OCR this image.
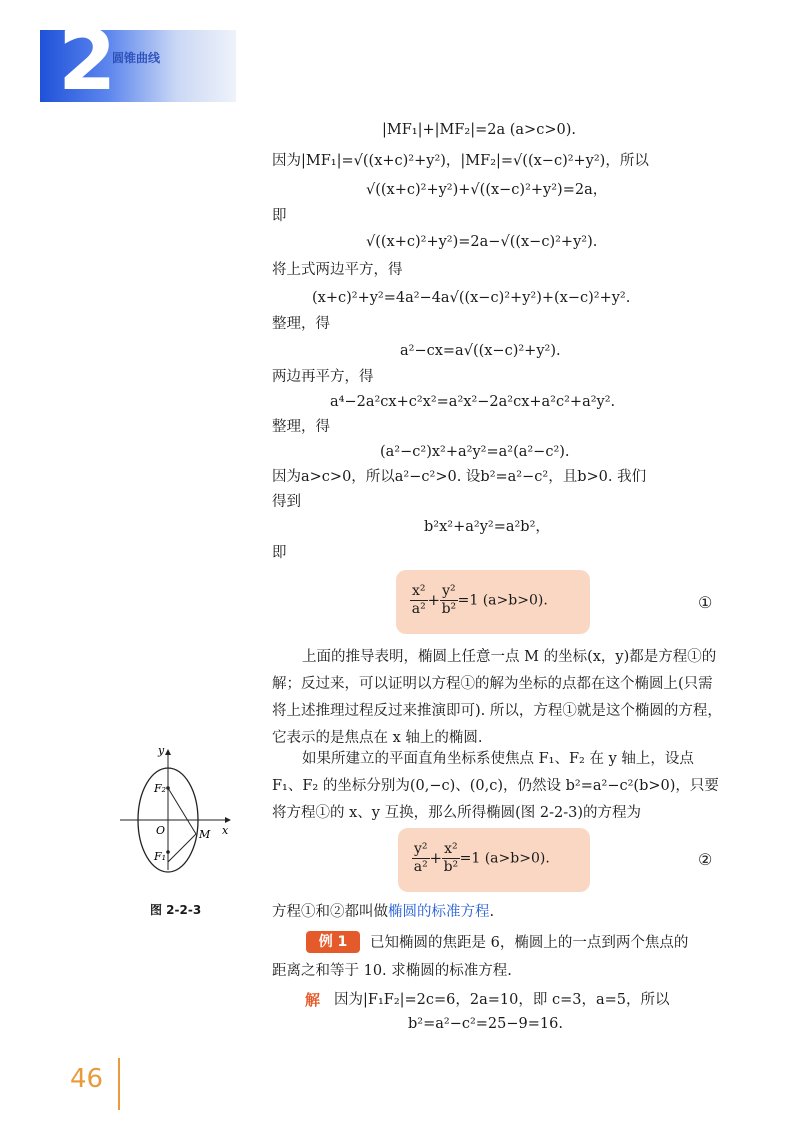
2
圆锥曲线
|MF₁|+|MF₂|=2a (a>c>0).
因为|MF₁|=√((x+c)²+y²)，|MF₂|=√((x−c)²+y²)，所以
√((x+c)²+y²)+√((x−c)²+y²)=2a，
即
√((x+c)²+y²)=2a−√((x−c)²+y²).
将上式两边平方，得
(x+c)²+y²=4a²−4a√((x−c)²+y²)+(x−c)²+y².
整理，得
a²−cx=a√((x−c)²+y²).
两边再平方，得
a⁴−2a²cx+c²x²=a²x²−2a²cx+a²c²+a²y².
整理，得
(a²−c²)x²+a²y²=a²(a²−c²).
因为a>c>0，所以a²−c²>0. 设b²=a²−c²，且b>0. 我们
得到
b²x²+a²y²=a²b²，
即
$\frac{\text{x²}}{\text{a²}} + \frac{\text{y²}}{\text{b²}} =1$ (a>b>0).	①
上面的推导表明，椭圆上任意一点 M 的坐标(x，y)都是方程①的解；反过来，可以证明以方程①的解为坐标的点都在这个椭圆上(只需将上述推理过程反过来推演即可). 所以，方程①就是这个椭圆的方程，它表示的是焦点在 x 轴上的椭圆.
如果所建立的平面直角坐标系使焦点 F₁、F₂ 在 y 轴上，设点 F₁、F₂ 的坐标分别为(0,−c)、(0,c)，仍然设 b²=a²−c²(b>0)，只要将方程①的 x、y 互换，那么所得椭圆(图 2-2-3)的方程为
y
x
O
F₂
F₁
M
图 2-2-3
$\frac{\text{y²}}{\text{a²}} + \frac{\text{x²}}{\text{b²}} =1$ (a>b>0).	②
方程①和②都叫做椭圆的标准方程.
例 1	已知椭圆的焦距是 6，椭圆上的一点到两个焦点的
距离之和等于 10. 求椭圆的标准方程.
解 因为|F₁F₂|=2c=6，2a=10，即 c=3，a=5，所以
b²=a²−c²=25−9=16.
46
